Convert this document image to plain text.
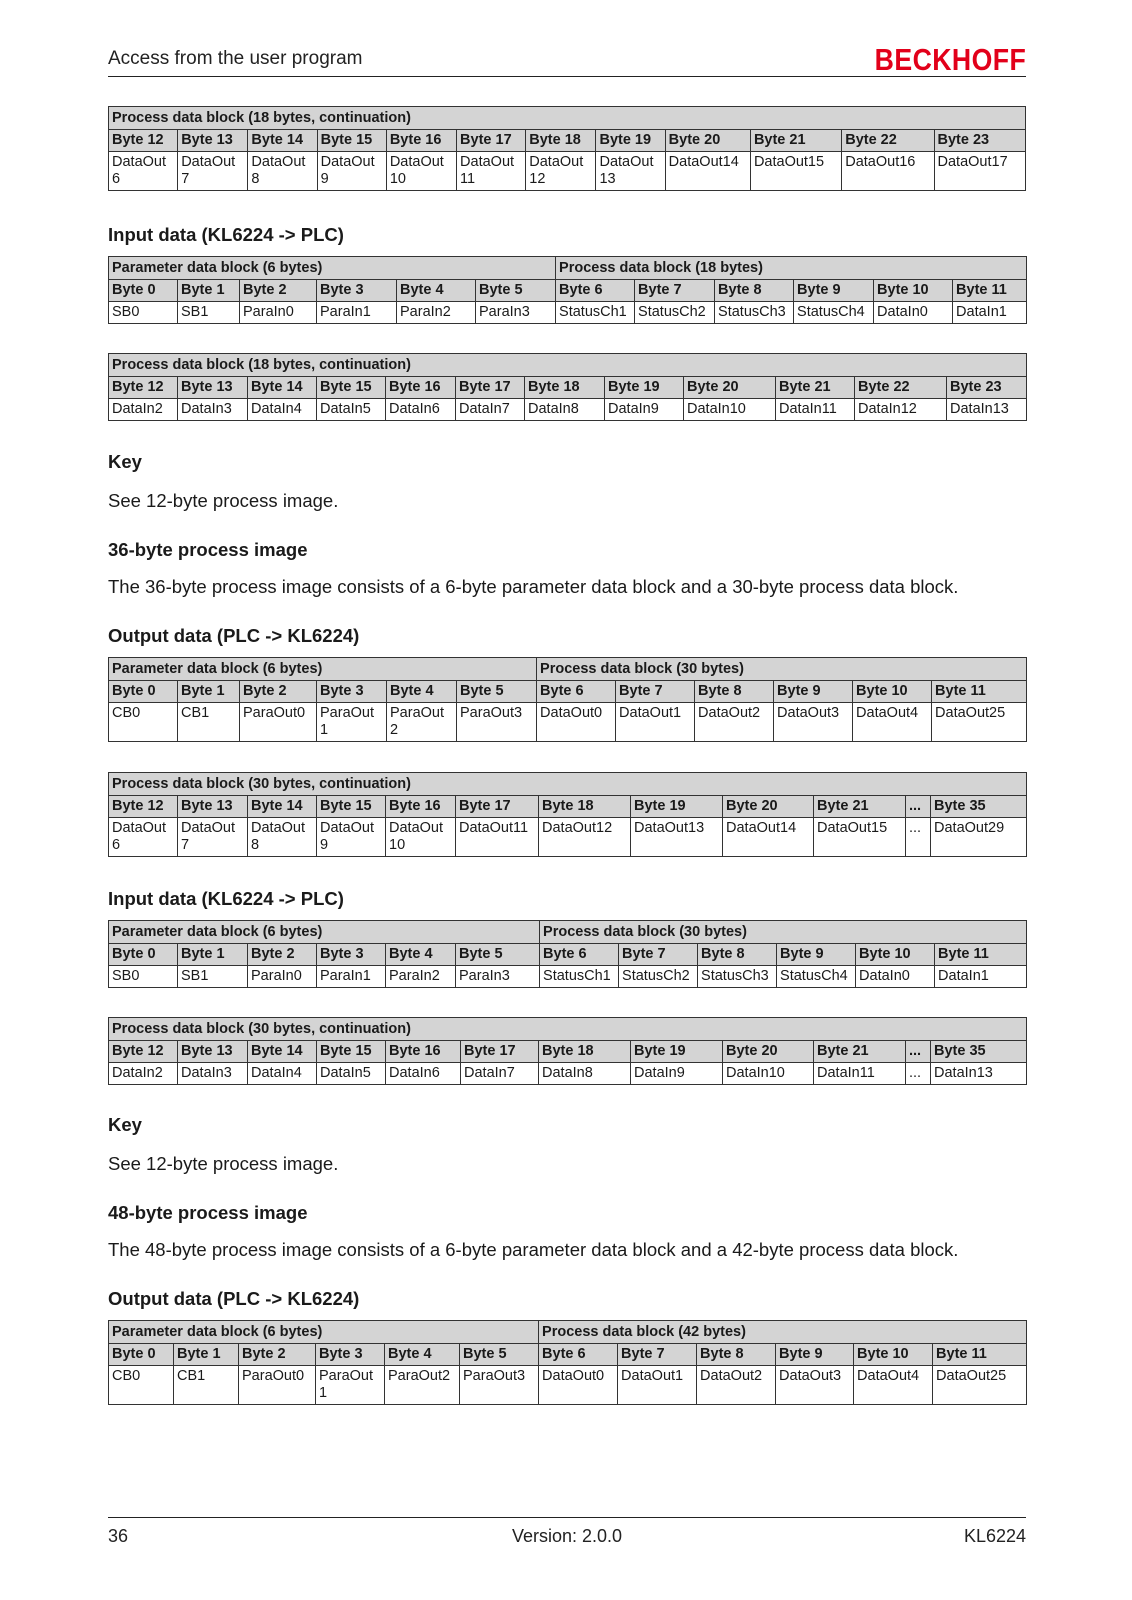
Access from the user program	BECKHOFF
Process data block (18 bytes, continuation)											
Byte 12	Byte 13	Byte 14	Byte 15	Byte 16	Byte 17	Byte 18	Byte 19	Byte 20	Byte 21	Byte 22	Byte 23
DataOut 6	DataOut 7	DataOut 8	DataOut 9	DataOut 10	DataOut 11	DataOut 12	DataOut 13	DataOut14	DataOut15	DataOut16	DataOut17
Input data (KL6224 -> PLC)
Parameter data block (6 bytes)						Process data block (18 bytes)					
Byte 0	Byte 1	Byte 2	Byte 3	Byte 4	Byte 5	Byte 6	Byte 7	Byte 8	Byte 9	Byte 10	Byte 11
SB0	SB1	ParaIn0	ParaIn1	ParaIn2	ParaIn3	StatusCh1	StatusCh2	StatusCh3	StatusCh4	DataIn0	DataIn1
Process data block (18 bytes, continuation)											
Byte 12	Byte 13	Byte 14	Byte 15	Byte 16	Byte 17	Byte 18	Byte 19	Byte 20	Byte 21	Byte 22	Byte 23
DataIn2	DataIn3	DataIn4	DataIn5	DataIn6	DataIn7	DataIn8	DataIn9	DataIn10	DataIn11	DataIn12	DataIn13
Key
See 12-byte process image.
36-byte process image
The 36-byte process image consists of a 6-byte parameter data block and a 30-byte process data block.
Output data (PLC -> KL6224)
Parameter data block (6 bytes)						Process data block (30 bytes)					
Byte 0	Byte 1	Byte 2	Byte 3	Byte 4	Byte 5	Byte 6	Byte 7	Byte 8	Byte 9	Byte 10	Byte 11
CB0	CB1	ParaOut0	ParaOut 1	ParaOut 2	ParaOut3	DataOut0	DataOut1	DataOut2	DataOut3	DataOut4	DataOut25
Process data block (30 bytes, continuation)											
Byte 12	Byte 13	Byte 14	Byte 15	Byte 16	Byte 17	Byte 18	Byte 19	Byte 20	Byte 21	...	Byte 35
DataOut 6	DataOut 7	DataOut 8	DataOut 9	DataOut 10	DataOut11	DataOut12	DataOut13	DataOut14	DataOut15	...	DataOut29
Input data (KL6224 -> PLC)
Parameter data block (6 bytes)						Process data block (30 bytes)					
Byte 0	Byte 1	Byte 2	Byte 3	Byte 4	Byte 5	Byte 6	Byte 7	Byte 8	Byte 9	Byte 10	Byte 11
SB0	SB1	ParaIn0	ParaIn1	ParaIn2	ParaIn3	StatusCh1	StatusCh2	StatusCh3	StatusCh4	DataIn0	DataIn1
Process data block (30 bytes, continuation)											
Byte 12	Byte 13	Byte 14	Byte 15	Byte 16	Byte 17	Byte 18	Byte 19	Byte 20	Byte 21	...	Byte 35
DataIn2	DataIn3	DataIn4	DataIn5	DataIn6	DataIn7	DataIn8	DataIn9	DataIn10	DataIn11	...	DataIn13
Key
See 12-byte process image.
48-byte process image
The 48-byte process image consists of a 6-byte parameter data block and a 42-byte process data block.
Output data (PLC -> KL6224)
Parameter data block (6 bytes)						Process data block (42 bytes)					
Byte 0	Byte 1	Byte 2	Byte 3	Byte 4	Byte 5	Byte 6	Byte 7	Byte 8	Byte 9	Byte 10	Byte 11
CB0	CB1	ParaOut0	ParaOut 1	ParaOut2	ParaOut3	DataOut0	DataOut1	DataOut2	DataOut3	DataOut4	DataOut25
36	Version: 2.0.0	KL6224
